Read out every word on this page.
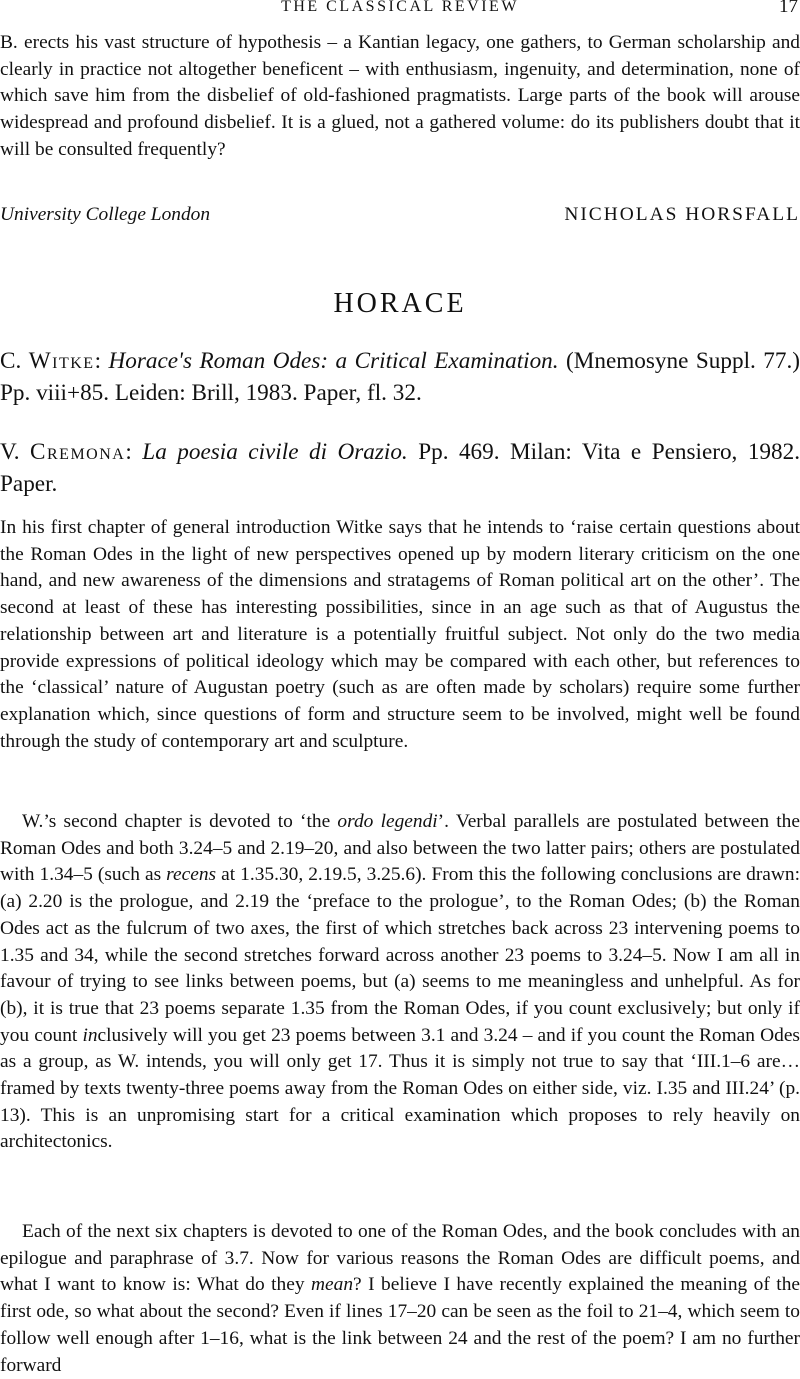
THE CLASSICAL REVIEW	17

B. erects his vast structure of hypothesis – a Kantian legacy, one gathers, to German scholarship and clearly in practice not altogether beneficent – with enthusiasm, ingenuity, and determination, none of which save him from the disbelief of old-fashioned pragmatists. Large parts of the book will arouse widespread and profound disbelief. It is a glued, not a gathered volume: do its publishers doubt that it will be consulted frequently?

University College London	NICHOLAS HORSFALL
HORACE

C. Witke: Horace's Roman Odes: a Critical Examination. (Mnemosyne Suppl. 77.) Pp. viii+85. Leiden: Brill, 1983. Paper, fl. 32.

V. Cremona: La poesia civile di Orazio. Pp. 469. Milan: Vita e Pensiero, 1982. Paper.

In his first chapter of general introduction Witke says that he intends to ‘raise certain questions about the Roman Odes in the light of new perspectives opened up by modern literary criticism on the one hand, and new awareness of the dimensions and stratagems of Roman political art on the other’. The second at least of these has interesting possibilities, since in an age such as that of Augustus the relationship between art and literature is a potentially fruitful subject. Not only do the two media provide expressions of political ideology which may be compared with each other, but references to the ‘classical’ nature of Augustan poetry (such as are often made by scholars) require some further explanation which, since questions of form and structure seem to be involved, might well be found through the study of contemporary art and sculpture.

W.’s second chapter is devoted to ‘the ordo legendi’. Verbal parallels are postulated between the Roman Odes and both 3.24–5 and 2.19–20, and also between the two latter pairs; others are postulated with 1.34–5 (such as recens at 1.35.30, 2.19.5, 3.25.6). From this the following conclusions are drawn: (a) 2.20 is the prologue, and 2.19 the ‘preface to the prologue’, to the Roman Odes; (b) the Roman Odes act as the fulcrum of two axes, the first of which stretches back across 23 intervening poems to 1.35 and 34, while the second stretches forward across another 23 poems to 3.24–5. Now I am all in favour of trying to see links between poems, but (a) seems to me meaningless and unhelpful. As for (b), it is true that 23 poems separate 1.35 from the Roman Odes, if you count exclusively; but only if you count inclusively will you get 23 poems between 3.1 and 3.24 – and if you count the Roman Odes as a group, as W. intends, you will only get 17. Thus it is simply not true to say that ‘III.1–6 are…framed by texts twenty-three poems away from the Roman Odes on either side, viz. I.35 and III.24’ (p. 13). This is an unpromising start for a critical examination which proposes to rely heavily on architectonics.

Each of the next six chapters is devoted to one of the Roman Odes, and the book concludes with an epilogue and paraphrase of 3.7. Now for various reasons the Roman Odes are difficult poems, and what I want to know is: What do they mean? I believe I have recently explained the meaning of the first ode, so what about the second? Even if lines 17–20 can be seen as the foil to 21–4, which seem to follow well enough after 1–16, what is the link between 24 and the rest of the poem? I am no further forward
